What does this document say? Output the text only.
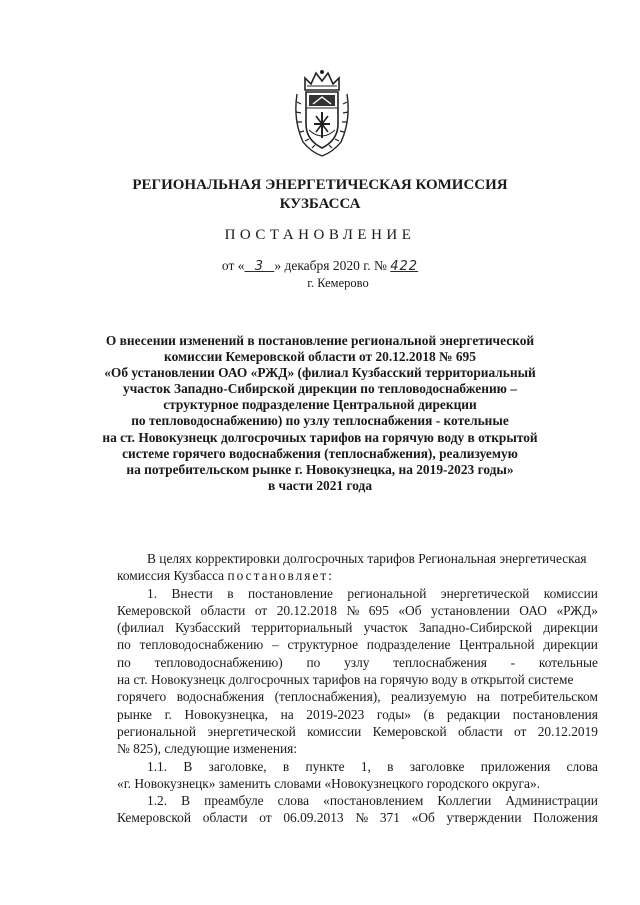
РЕГИОНАЛЬНАЯ ЭНЕРГЕТИЧЕСКАЯ КОМИССИЯ
КУЗБАССА
ПОСТАНОВЛЕНИЕ
от « 3 » декабря 2020 г. № 422
г. Кемерово
О внесении изменений в постановление региональной энергетической
комиссии Кемеровской области от 20.12.2018 № 695
«Об установлении ОАО «РЖД» (филиал Кузбасский территориальный
участок Западно-Сибирской дирекции по тепловодоснабжению –
структурное подразделение Центральной дирекции
по тепловодоснабжению) по узлу теплоснабжения - котельные
на ст. Новокузнецк долгосрочных тарифов на горячую воду в открытой
системе горячего водоснабжения (теплоснабжения), реализуемую
на потребительском рынке г. Новокузнецка, на 2019-2023 годы»
в части 2021 года
В целях корректировки долгосрочных тарифов Региональная энергетическая
комиссия Кузбасса
постановляет:
1. Внести в постановление региональной энергетической комиссии
Кемеровской области от 20.12.2018 № 695 «Об установлении ОАО «РЖД»
(филиал Кузбасский территориальный участок Западно-Сибирской дирекции
по тепловодоснабжению – структурное подразделение Центральной дирекции
по тепловодоснабжению) по узлу теплоснабжения - котельные
на ст. Новокузнецк долгосрочных тарифов на горячую воду в открытой системе
горячего водоснабжения (теплоснабжения), реализуемую на потребительском
рынке г. Новокузнецка, на 2019-2023 годы» (в редакции постановления
региональной энергетической комиссии Кемеровской области от 20.12.2019
№ 825), следующие изменения:
1.1. В заголовке, в пункте 1, в заголовке приложения слова
«г. Новокузнецк» заменить словами «Новокузнецкого городского округа».
1.2. В преамбуле слова «постановлением Коллегии Администрации
Кемеровской области от 06.09.2013 № 371 «Об утверждении Положения
